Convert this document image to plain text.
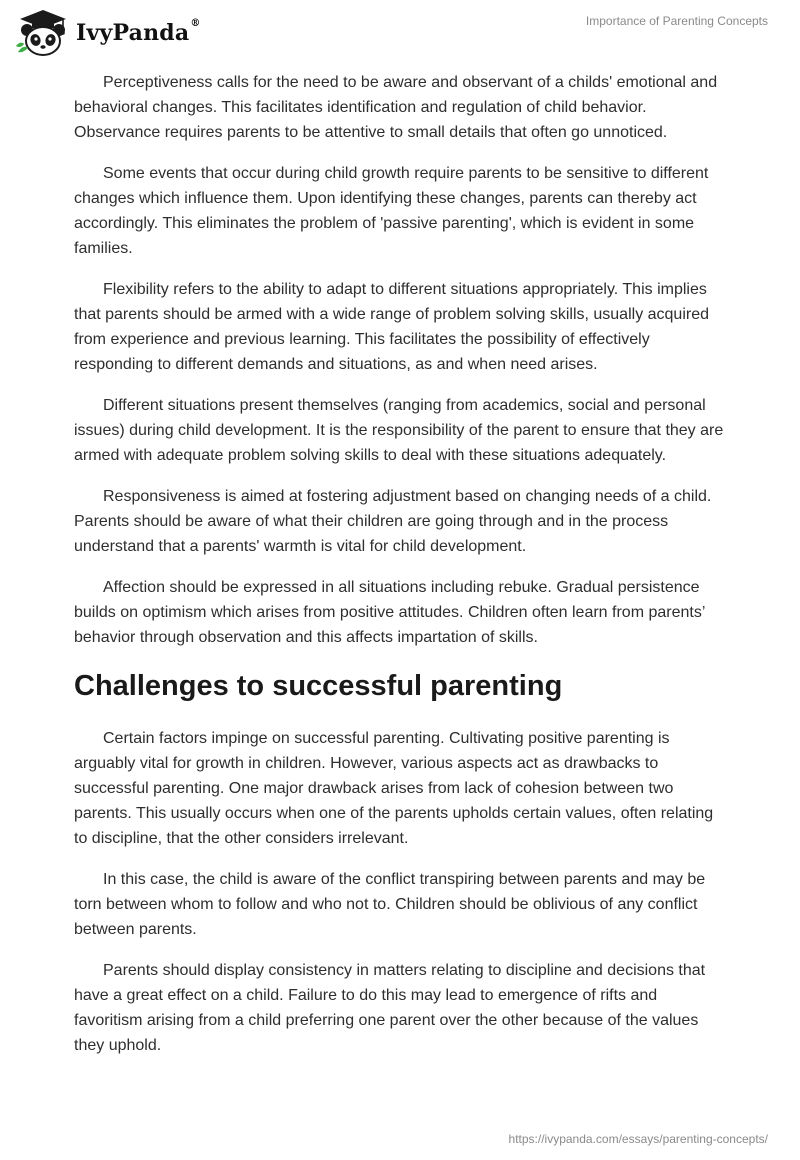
IvyPanda®	Importance of Parenting Concepts

Perceptiveness calls for the need to be aware and observant of a childs' emotional and behavioral changes. This facilitates identification and regulation of child behavior. Observance requires parents to be attentive to small details that often go unnoticed.

Some events that occur during child growth require parents to be sensitive to different changes which influence them. Upon identifying these changes, parents can thereby act accordingly. This eliminates the problem of 'passive parenting', which is evident in some families.

Flexibility refers to the ability to adapt to different situations appropriately. This implies that parents should be armed with a wide range of problem solving skills, usually acquired from experience and previous learning. This facilitates the possibility of effectively responding to different demands and situations, as and when need arises.

Different situations present themselves (ranging from academics, social and personal issues) during child development. It is the responsibility of the parent to ensure that they are armed with adequate problem solving skills to deal with these situations adequately.

Responsiveness is aimed at fostering adjustment based on changing needs of a child. Parents should be aware of what their children are going through and in the process understand that a parents' warmth is vital for child development.

Affection should be expressed in all situations including rebuke. Gradual persistence builds on optimism which arises from positive attitudes. Children often learn from parents’ behavior through observation and this affects impartation of skills.

Challenges to successful parenting

Certain factors impinge on successful parenting. Cultivating positive parenting is arguably vital for growth in children. However, various aspects act as drawbacks to successful parenting. One major drawback arises from lack of cohesion between two parents. This usually occurs when one of the parents upholds certain values, often relating to discipline, that the other considers irrelevant.

In this case, the child is aware of the conflict transpiring between parents and may be torn between whom to follow and who not to. Children should be oblivious of any conflict between parents.

Parents should display consistency in matters relating to discipline and decisions that have a great effect on a child. Failure to do this may lead to emergence of rifts and favoritism arising from a child preferring one parent over the other because of the values they uphold.

https://ivypanda.com/essays/parenting-concepts/
